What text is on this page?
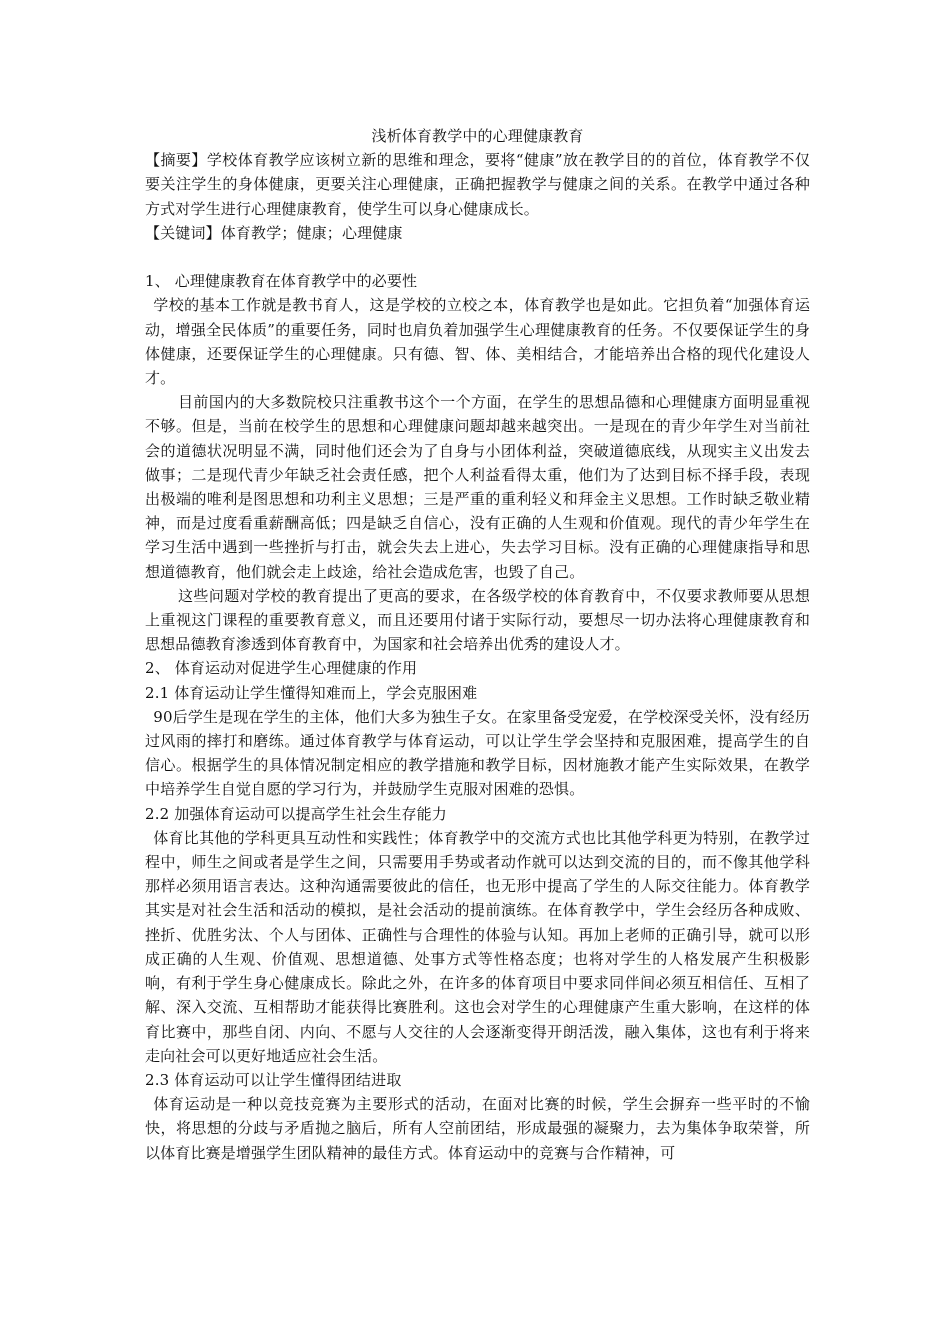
浅析体育教学中的心理健康教育

【摘要】学校体育教学应该树立新的思维和理念，要将“健康”放在教学目的的首位，体育教学不仅要关注学生的身体健康，更要关注心理健康，正确把握教学与健康之间的关系。在教学中通过各种方式对学生进行心理健康教育，使学生可以身心健康成长。

【关键词】体育教学；健康；心理健康

1、 心理健康教育在体育教学中的必要性

学校的基本工作就是教书育人，这是学校的立校之本，体育教学也是如此。它担负着“加强体育运动，增强全民体质”的重要任务，同时也肩负着加强学生心理健康教育的任务。不仅要保证学生的身体健康，还要保证学生的心理健康。只有德、智、体、美相结合，才能培养出合格的现代化建设人才。

目前国内的大多数院校只注重教书这个一个方面，在学生的思想品德和心理健康方面明显重视不够。但是，当前在校学生的思想和心理健康问题却越来越突出。一是现在的青少年学生对当前社会的道德状况明显不满，同时他们还会为了自身与小团体利益，突破道德底线，从现实主义出发去做事；二是现代青少年缺乏社会责任感，把个人利益看得太重，他们为了达到目标不择手段，表现出极端的唯利是图思想和功利主义思想；三是严重的重利轻义和拜金主义思想。工作时缺乏敬业精神，而是过度看重薪酬高低；四是缺乏自信心，没有正确的人生观和价值观。现代的青少年学生在学习生活中遇到一些挫折与打击，就会失去上进心，失去学习目标。没有正确的心理健康指导和思想道德教育，他们就会走上歧途，给社会造成危害，也毁了自己。

这些问题对学校的教育提出了更高的要求，在各级学校的体育教育中，不仅要求教师要从思想上重视这门课程的重要教育意义，而且还要用付诸于实际行动，要想尽一切办法将心理健康教育和思想品德教育渗透到体育教育中，为国家和社会培养出优秀的建设人才。

2、 体育运动对促进学生心理健康的作用

2.1 体育运动让学生懂得知难而上，学会克服困难

90后学生是现在学生的主体，他们大多为独生子女。在家里备受宠爱，在学校深受关怀，没有经历过风雨的摔打和磨练。通过体育教学与体育运动，可以让学生学会坚持和克服困难，提高学生的自信心。根据学生的具体情况制定相应的教学措施和教学目标，因材施教才能产生实际效果，在教学中培养学生自觉自愿的学习行为，并鼓励学生克服对困难的恐惧。

2.2 加强体育运动可以提高学生社会生存能力

体育比其他的学科更具互动性和实践性；体育教学中的交流方式也比其他学科更为特别，在教学过程中，师生之间或者是学生之间，只需要用手势或者动作就可以达到交流的目的，而不像其他学科那样必须用语言表达。这种沟通需要彼此的信任，也无形中提高了学生的人际交往能力。体育教学其实是对社会生活和活动的模拟，是社会活动的提前演练。在体育教学中，学生会经历各种成败、挫折、优胜劣汰、个人与团体、正确性与合理性的体验与认知。再加上老师的正确引导，就可以形成正确的人生观、价值观、思想道德、处事方式等性格态度；也将对学生的人格发展产生积极影响，有利于学生身心健康成长。除此之外，在许多的体育项目中要求同伴间必须互相信任、互相了解、深入交流、互相帮助才能获得比赛胜利。这也会对学生的心理健康产生重大影响，在这样的体育比赛中，那些自闭、内向、不愿与人交往的人会逐渐变得开朗活泼，融入集体，这也有利于将来走向社会可以更好地适应社会生活。

2.3 体育运动可以让学生懂得团结进取

体育运动是一种以竞技竞赛为主要形式的活动，在面对比赛的时候，学生会摒弃一些平时的不愉快，将思想的分歧与矛盾抛之脑后，所有人空前团结，形成最强的凝聚力，去为集体争取荣誉，所以体育比赛是增强学生团队精神的最佳方式。体育运动中的竞赛与合作精神，可
